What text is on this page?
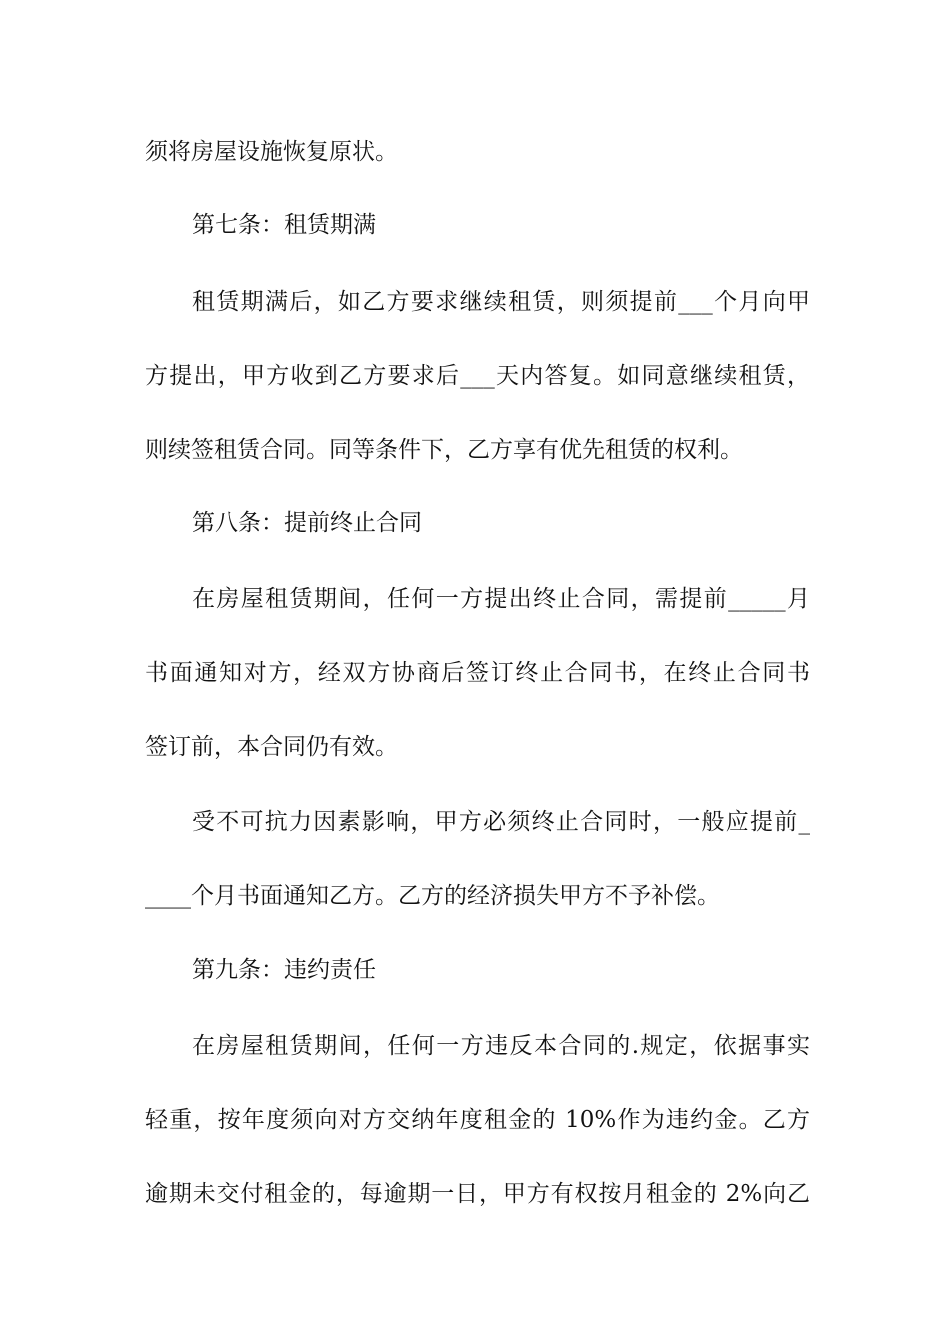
须将房屋设施恢复原状。
第七条：租赁期满
租赁期满后，如乙方要求继续租赁，则须提前___个月向甲
方提出，甲方收到乙方要求后___天内答复。如同意继续租赁，
则续签租赁合同。同等条件下，乙方享有优先租赁的权利。
第八条：提前终止合同
在房屋租赁期间，任何一方提出终止合同，需提前_____月
书面通知对方，经双方协商后签订终止合同书，在终止合同书
签订前，本合同仍有效。
受不可抗力因素影响，甲方必须终止合同时，一般应提前_
____个月书面通知乙方。乙方的经济损失甲方不予补偿。
第九条：违约责任
在房屋租赁期间，任何一方违反本合同的.规定，依据事实
轻重，按年度须向对方交纳年度租金的 10%作为违约金。乙方
逾期未交付租金的，每逾期一日，甲方有权按月租金的 2%向乙
